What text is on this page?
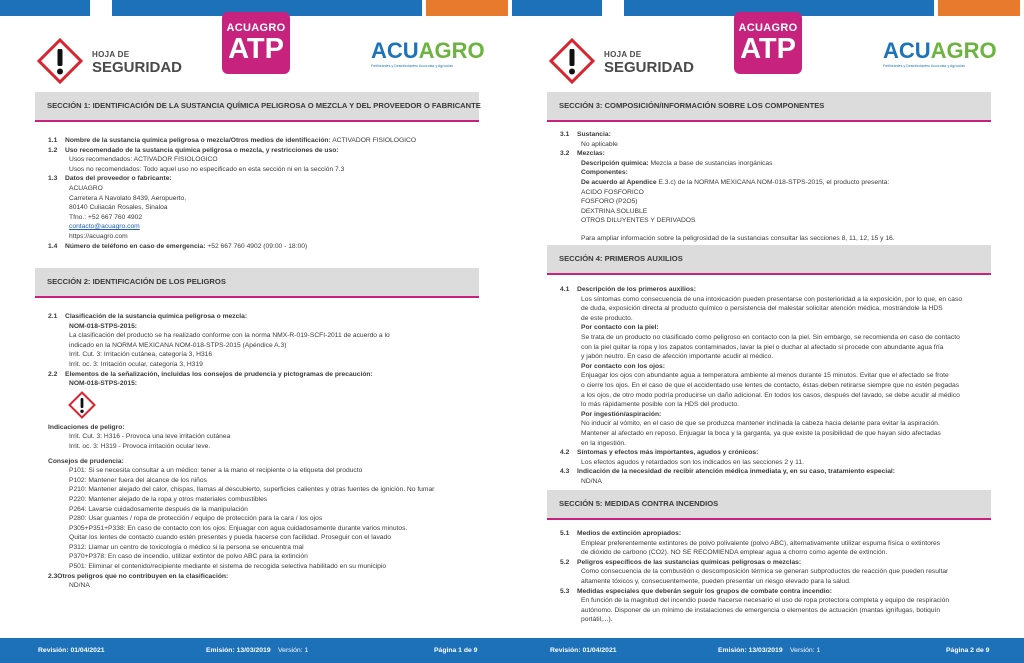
HOJA DE
SEGURIDAD
ACUAGRO
ATP	ACUAGRO
Fertilizantes y Desinfectantes Acuícolas y Agrícolas
SECCIÓN 1: IDENTIFICACIÓN DE LA SUSTANCIA QUÍMICA PELIGROSA O MEZCLA Y DEL PROVEEDOR O FABRICANTE
1.1 Nombre de la sustancia química peligrosa o mezcla/Otros medios de identificación: ACTIVADOR FISIOLOGICO
1.2 Uso recomendado de la sustancia química peligrosa o mezcla, y restricciones de uso:
Usos recomendados: ACTIVADOR FISIOLOGICO
Usos no recomendados: Todo aquel uso no especificado en esta sección ni en la sección 7.3
1.3 Datos del proveedor o fabricante:
ACUAGRO
Carretera A Navolato 8439, Aeropuerto,
80140 Culiacán Rosales, Sinaloa
Tfno.: +52 667 760 4902
contacto@acuagro.com
https://acuagro.com
1.4 Número de teléfono en caso de emergencia: +52 667 760 4902 (09:00 - 18:00)
SECCIÓN 2: IDENTIFICACIÓN DE LOS PELIGROS
2.1 Clasificación de la sustancia química peligrosa o mezcla:
NOM-018-STPS-2015:
La clasificación del producto se ha realizado conforme con la norma NMX-R-019-SCFI-2011 de acuerdo a lo
indicado en la NORMA MEXICANA NOM-018-STPS-2015 (Apéndice A.3)
Irrit. Cut. 3: Irritación cutánea, categoría 3, H316
Irrit. oc. 3: Irritación ocular, categoría 3, H319
2.2 Elementos de la señalización, incluidas los consejos de prudencia y pictogramas de precaución:
NOM-018-STPS-2015:
Indicaciones de peligro:
Irrit. Cut. 3: H316 - Provoca una leve irritación cutánea
Irrit. oc. 3: H319 - Provoca irritación ocular leve.
Consejos de prudencia:
P101: Si se necesita consultar a un médico: tener a la mano el recipiente o la etiqueta del producto
P102: Mantener fuera del alcance de los niños
P210: Mantener alejado del calor, chispas, llamas al descubierto, superficies calientes y otras fuentes de ignición. No fumar
P220: Mantener alejado de la ropa y otros materiales combustibles
P264: Lavarse cuidadosamente después de la manipulación
P280: Usar guantes / ropa de protección / equipo de protección para la cara / los ojos
P305+P351+P338: En caso de contacto con los ojos: Enjuagar con agua cuidadosamente durante varios minutos.
Quitar los lentes de contacto cuando estén presentes y pueda hacerse con facilidad. Proseguir con el lavado
P312: Llamar un centro de toxicología o médico si la persona se encuentra mal
P370+P378: En caso de incendio, utilizar extintor de polvo ABC para la extinción
P501: Eliminar el contenido/recipiente mediante el sistema de recogida selectiva habilitado en su municipio
2.3Otros peligros que no contribuyen en la clasificación:
ND/NA
Revisión: 01/04/2021	Emisión: 13/03/2019 Versión: 1	Página 1 de 9
HOJA DE
SEGURIDAD
ACUAGRO
ATP	ACUAGRO
Fertilizantes y Desinfectantes Acuícolas y Agrícolas
SECCIÓN 3: COMPOSICIÓN/INFORMACIÓN SOBRE LOS COMPONENTES
3.1 Sustancia:
No aplicable
3.2 Mezclas:
Descripción química: Mezcla a base de sustancias inorgánicas
Componentes:
De acuerdo al Apendice E.3.c) de la NORMA MEXICANA NOM-018-STPS-2015, el producto presenta:
ACIDO FOSFORICO
FOSFORO (P2O5)
DEXTRINA SOLUBLE
OTROS DILUYENTES Y DERIVADOS
Para ampliar información sobre la peligrosidad de la sustancias consultar las secciones 8, 11, 12, 15 y 16.
SECCIÓN 4: PRIMEROS AUXILIOS
4.1 Descripción de los primeros auxilios:
Los síntomas como consecuencia de una intoxicación pueden presentarse con posterioridad a la exposición, por lo que, en caso
de duda, exposición directa al producto químico o persistencia del malestar solicitar atención médica, mostrándole la HDS
de este producto.
Por contacto con la piel:
Se trata de un producto no clasificado como peligroso en contacto con la piel. Sin embargo, se recomienda en caso de contacto
con la piel quitar la ropa y los zapatos contaminados, lavar la piel o duchar al afectado si procede con abundante agua fría
y jabón neutro. En caso de afección importante acudir al médico.
Por contacto con los ojos:
Enjuagar los ojos con abundante agua a temperatura ambiente al menos durante 15 minutos. Evitar que el afectado se frote
o cierre los ojos. En el caso de que el accidentado use lentes de contacto, éstas deben retirarse siempre que no estén pegadas
a los ojos, de otro modo podría producirse un daño adicional. En todos los casos, después del lavado, se debe acudir al médico
lo más rápidamente posible con la HDS del producto.
Por ingestión/aspiración:
No inducir al vómito, en el caso de que se produzca mantener inclinada la cabeza hacia delante para evitar la aspiración.
Mantener al afectado en reposo. Enjuagar la boca y la garganta, ya que existe la posibilidad de que hayan sido afectadas
en la ingestión.
4.2 Síntomas y efectos más importantes, agudos y crónicos:
Los efectos agudos y retardados son los indicados en las secciones 2 y 11.
4.3 Indicación de la necesidad de recibir atención médica inmediata y, en su caso, tratamiento especial:
ND/NA
SECCIÓN 5: MEDIDAS CONTRA INCENDIOS
5.1 Medios de extinción apropiados:
Emplear preferentemente extintores de polvo polivalente (polvo ABC), alternativamente utilizar espuma física o extintores
de dióxido de carbono (CO2). NO SE RECOMIENDA emplear agua a chorro como agente de extinción.
5.2 Peligros específicos de las sustancias químicas peligrosas o mezclas:
Como consecuencia de la combustión o descomposición térmica se generan subproductos de reacción que pueden resultar
altamente tóxicos y, consecuentemente, pueden presentar un riesgo elevado para la salud.
5.3 Medidas especiales que deberán seguir los grupos de combate contra incendio:
En función de la magnitud del incendio puede hacerse necesario el uso de ropa protectora completa y equipo de respiración
autónomo. Disponer de un mínimo de instalaciones de emergencia o elementos de actuación (mantas ignífugas, botiquín
portátil,...).
Revisión: 01/04/2021	Emisión: 13/03/2019 Versión: 1	Página 2 de 9
